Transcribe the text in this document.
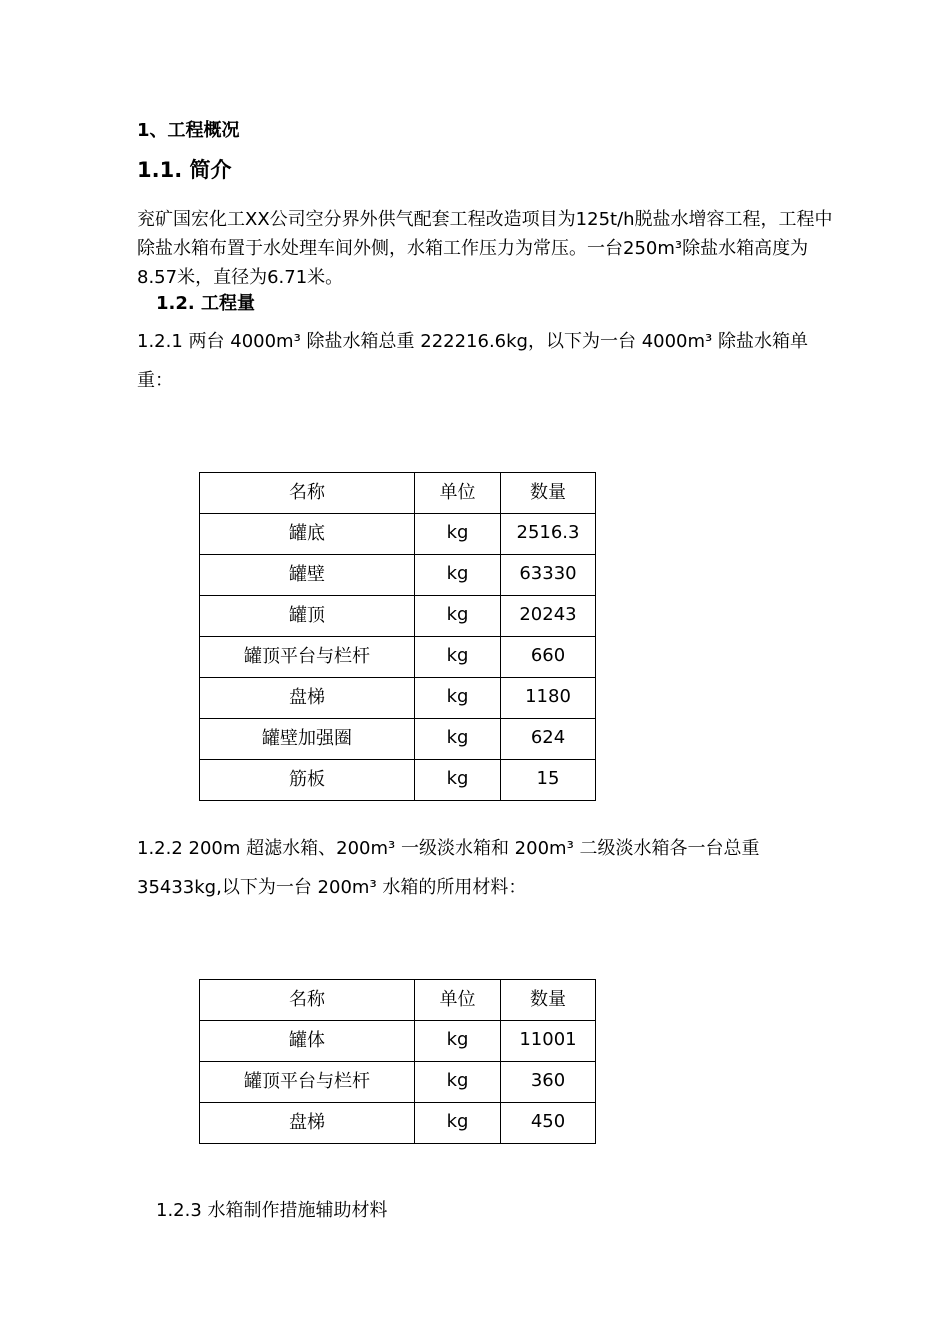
1、工程概况

1.1. 简介

兖矿国宏化工XX公司空分界外供气配套工程改造项目为125t/h脱盐水增容工程，工程中除盐水箱布置于水处理车间外侧，水箱工作压力为常压。一台250m³除盐水箱高度为8.57米，直径为6.71米。

1.2. 工程量

1.2.1 两台 4000m³ 除盐水箱总重 222216.6kg，以下为一台 4000m³ 除盐水箱单重：

名称	单位	数量
罐底	kg	2516.3
罐壁	kg	63330
罐顶	kg	20243
罐顶平台与栏杆	kg	660
盘梯	kg	1180
罐壁加强圈	kg	624
筋板	kg	15

1.2.2 200m 超滤水箱、200m³ 一级淡水箱和 200m³ 二级淡水箱各一台总重 35433kg,以下为一台 200m³ 水箱的所用材料：

名称	单位	数量
罐体	kg	11001
罐顶平台与栏杆	kg	360
盘梯	kg	450

1.2.3 水箱制作措施辅助材料
